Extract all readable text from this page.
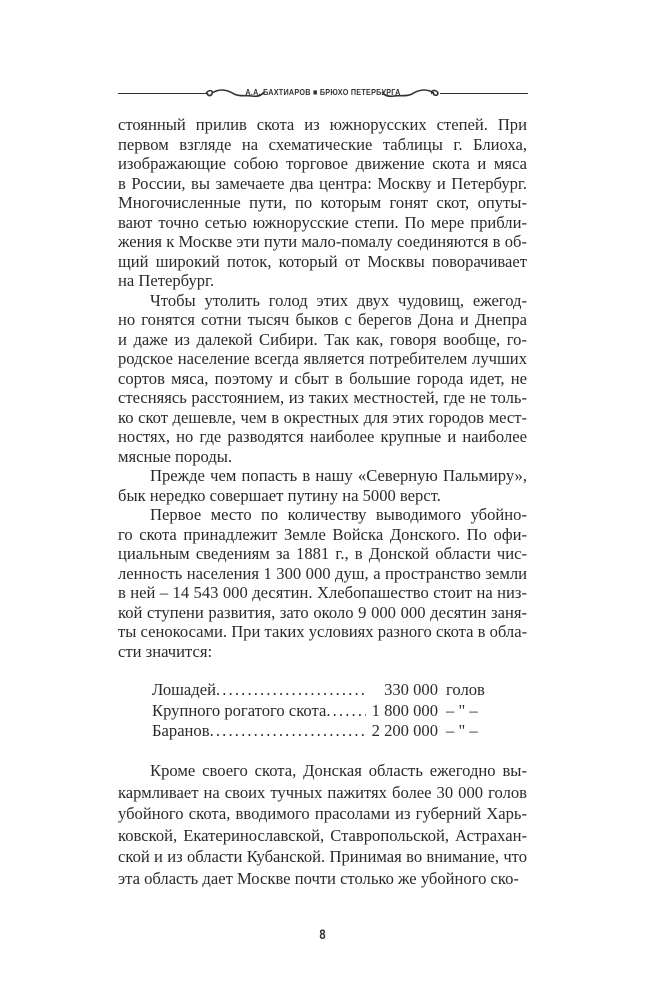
А.А. БАХТИАРОВ ■ БРЮХО ПЕТЕРБУРГА
стоянный прилив скота из южнорусских степей. При
первом взгляде на схематические таблицы г. Блиоха,
изображающие собою торговое движение скота и мяса
в России, вы замечаете два центра: Москву и Петербург.
Многочисленные пути, по которым гонят скот, опуты-
вают точно сетью южнорусские степи. По мере прибли-
жения к Москве эти пути мало-помалу соединяются в об-
щий широкий поток, который от Москвы поворачивает
на Петербург.
Чтобы утолить голод этих двух чудовищ, ежегод-
но гонятся сотни тысяч быков с берегов Дона и Днепра
и даже из далекой Сибири. Так как, говоря вообще, го-
родское население всегда является потребителем лучших
сортов мяса, поэтому и сбыт в большие города идет, не
стесняясь расстоянием, из таких местностей, где не толь-
ко скот дешевле, чем в окрестных для этих городов мест-
ностях, но где разводятся наиболее крупные и наиболее
мясные породы.
Прежде чем попасть в нашу «Северную Пальмиру»,
бык нередко совершает путину на 5000 верст.
Первое место по количеству выводимого убойно-
го скота принадлежит Земле Войска Донского. По офи-
циальным сведениям за 1881 г., в Донской области чис-
ленность населения 1 300 000 душ, а пространство земли
в ней – 14 543 000 десятин. Хлебопашество стоит на низ-
кой ступени развития, зато около 9 000 000 десятин заня-
ты сенокосами. При таких условиях разного скота в обла-
сти значится:
Лошадей . . .	330 000 голов
Крупного рогатого скота . . .	1 800 000 – " –
Баранов . . .	2 200 000 – " –
Кроме своего скота, Донская область ежегодно вы-
кармливает на своих тучных пажитях более 30 000 голов
убойного скота, вводимого прасолами из губерний Харь-
ковской, Екатеринославской, Ставропольской, Астрахан-
ской и из области Кубанской. Принимая во внимание, что
эта область дает Москве почти столько же убойного ско-
8
